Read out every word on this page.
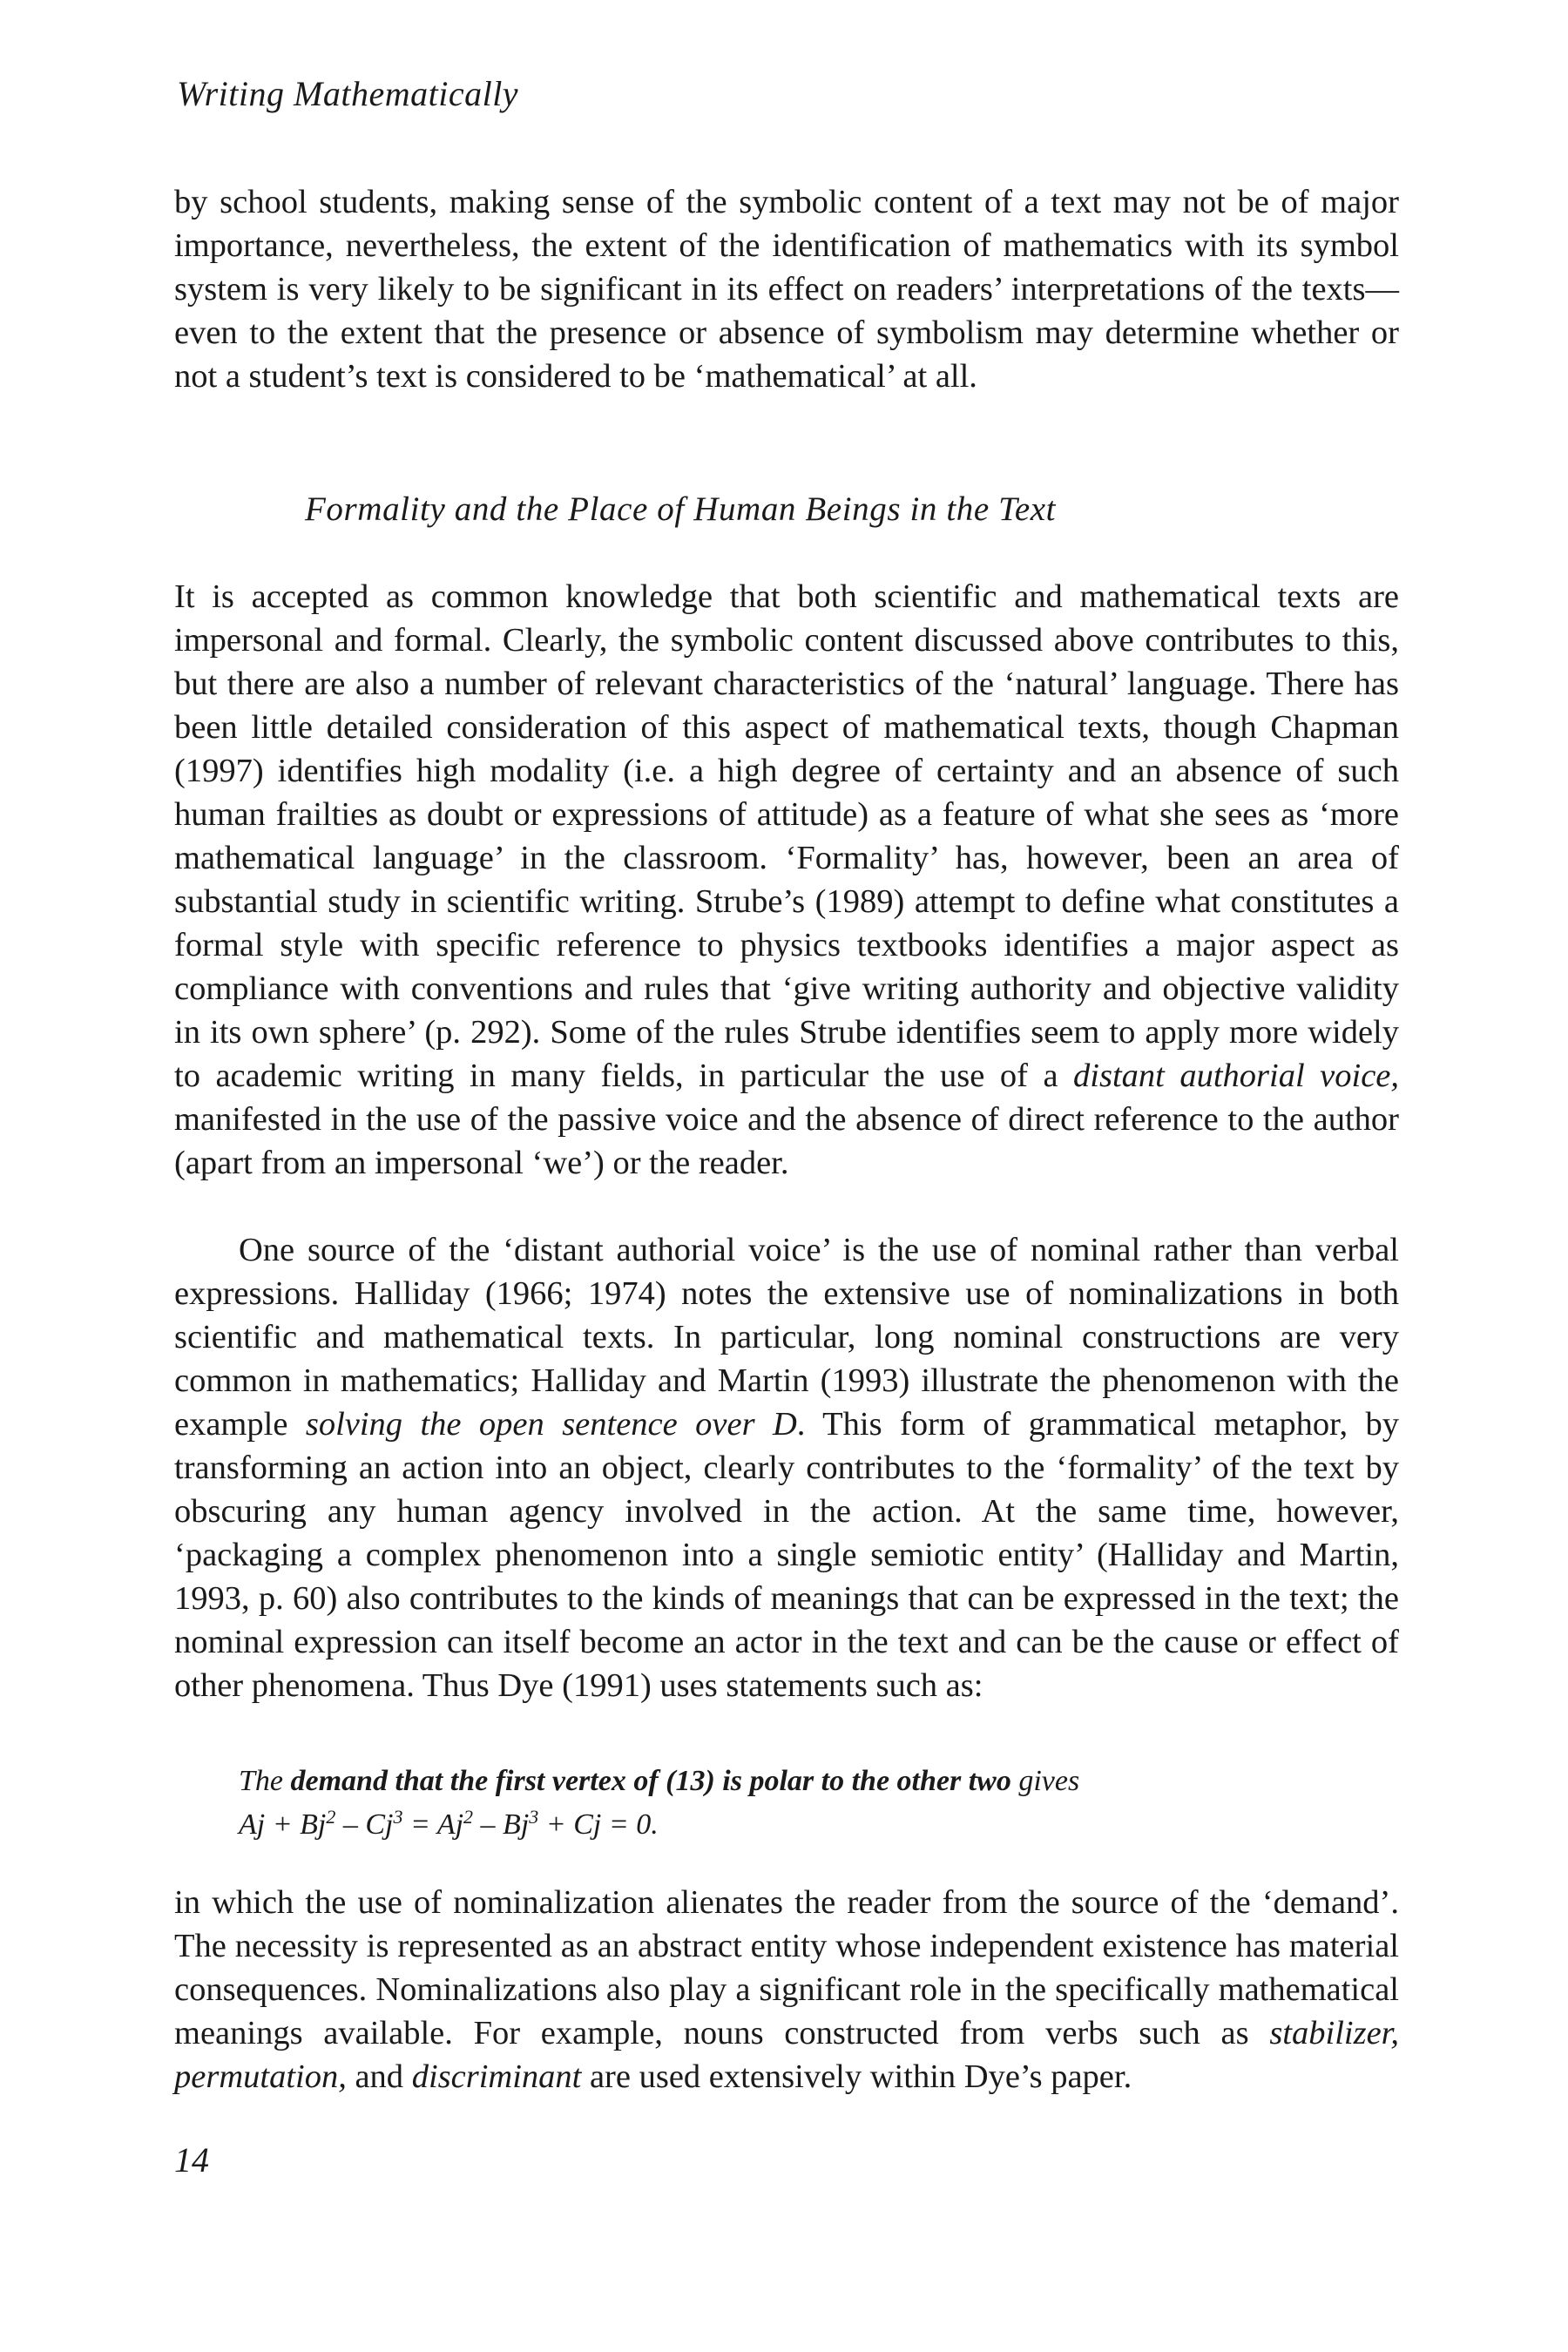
Writing Mathematically

by school students, making sense of the symbolic content of a text may not be of major importance, nevertheless, the extent of the identification of mathematics with its symbol system is very likely to be significant in its effect on readers’ interpretations of the texts—even to the extent that the presence or absence of symbolism may determine whether or not a student’s text is considered to be ‘mathematical’ at all.

Formality and the Place of Human Beings in the Text

It is accepted as common knowledge that both scientific and mathematical texts are impersonal and formal. Clearly, the symbolic content discussed above contributes to this, but there are also a number of relevant characteristics of the ‘natural’ language. There has been little detailed consideration of this aspect of mathematical texts, though Chapman (1997) identifies high modality (i.e. a high degree of certainty and an absence of such human frailties as doubt or expressions of attitude) as a feature of what she sees as ‘more mathematical language’ in the classroom. ‘Formality’ has, however, been an area of substantial study in scientific writing. Strube’s (1989) attempt to define what constitutes a formal style with specific reference to physics textbooks identifies a major aspect as compliance with conventions and rules that ‘give writing authority and objective validity in its own sphere’ (p. 292). Some of the rules Strube identifies seem to apply more widely to academic writing in many fields, in particular the use of a distant authorial voice, manifested in the use of the passive voice and the absence of direct reference to the author (apart from an impersonal ‘we’) or the reader.

One source of the ‘distant authorial voice’ is the use of nominal rather than verbal expressions. Halliday (1966; 1974) notes the extensive use of nominalizations in both scientific and mathematical texts. In particular, long nominal constructions are very common in mathematics; Halliday and Martin (1993) illustrate the phenomenon with the example solving the open sentence over D. This form of grammatical metaphor, by transforming an action into an object, clearly contributes to the ‘formality’ of the text by obscuring any human agency involved in the action. At the same time, however, ‘packaging a complex phenomenon into a single semiotic entity’ (Halliday and Martin, 1993, p. 60) also contributes to the kinds of meanings that can be expressed in the text; the nominal expression can itself become an actor in the text and can be the cause or effect of other phenomena. Thus Dye (1991) uses statements such as:

The demand that the first vertex of (13) is polar to the other two gives
$Aj + Bj^2 - Cj^3 = Aj^2 - Bj^3 + Cj = 0$.

in which the use of nominalization alienates the reader from the source of the ‘demand’. The necessity is represented as an abstract entity whose independent existence has material consequences. Nominalizations also play a significant role in the specifically mathematical meanings available. For example, nouns constructed from verbs such as stabilizer, permutation, and discriminant are used extensively within Dye’s paper.

14
